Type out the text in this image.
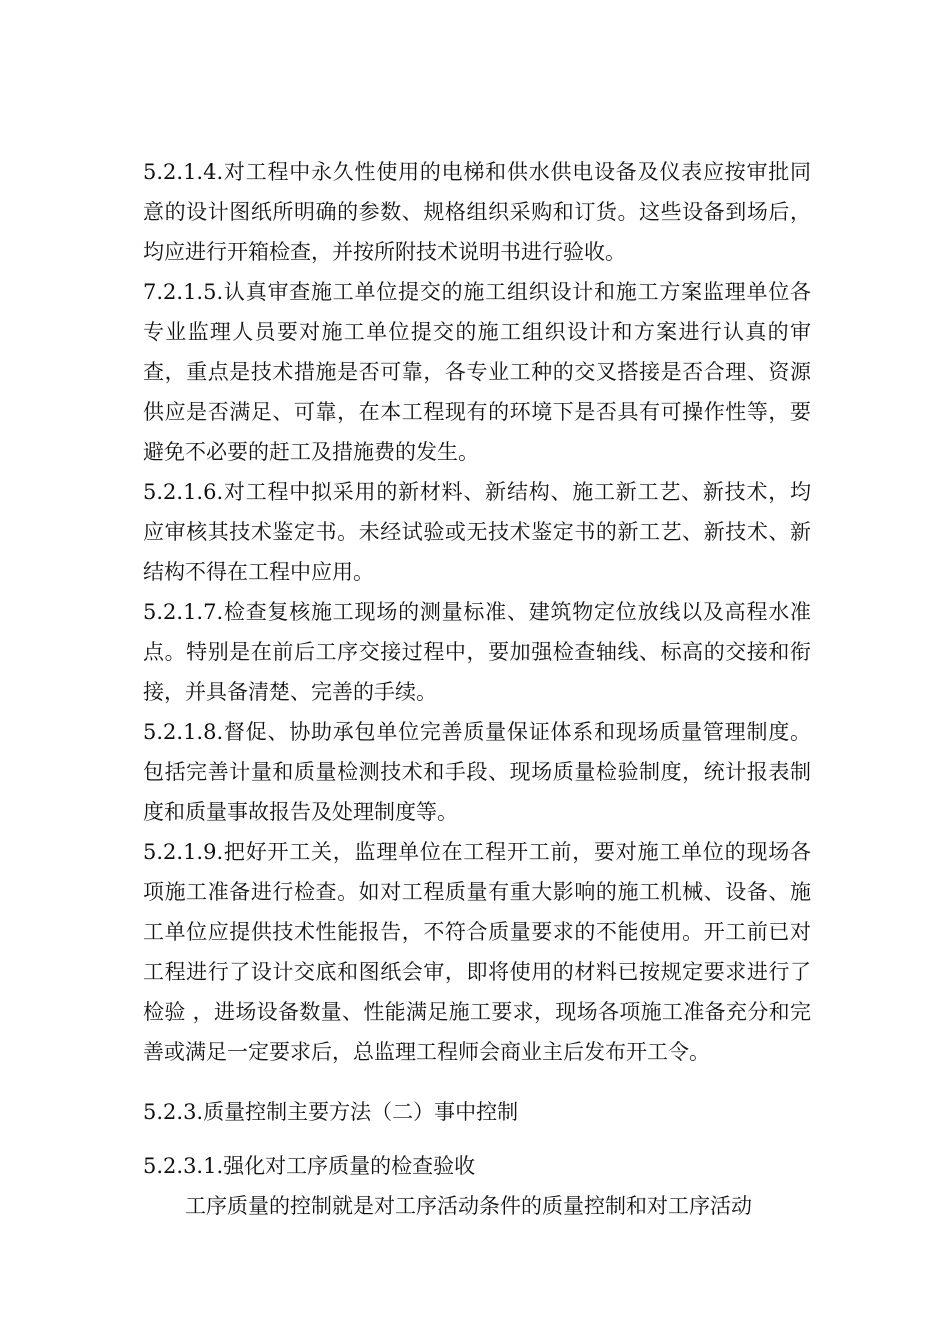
5.2.1.4.对工程中永久性使用的电梯和供水供电设备及仪表应按审批同意的设计图纸所明确的参数、规格组织采购和订货。这些设备到场后，均应进行开箱检查，并按所附技术说明书进行验收。

7.2.1.5.认真审查施工单位提交的施工组织设计和施工方案监理单位各专业监理人员要对施工单位提交的施工组织设计和方案进行认真的审查，重点是技术措施是否可靠，各专业工种的交叉搭接是否合理、资源供应是否满足、可靠，在本工程现有的环境下是否具有可操作性等，要避免不必要的赶工及措施费的发生。

5.2.1.6.对工程中拟采用的新材料、新结构、施工新工艺、新技术，均应审核其技术鉴定书。未经试验或无技术鉴定书的新工艺、新技术、新结构不得在工程中应用。

5.2.1.7.检查复核施工现场的测量标准、建筑物定位放线以及高程水准点。特别是在前后工序交接过程中，要加强检查轴线、标高的交接和衔接，并具备清楚、完善的手续。

5.2.1.8.督促、协助承包单位完善质量保证体系和现场质量管理制度。包括完善计量和质量检测技术和手段、现场质量检验制度，统计报表制度和质量事故报告及处理制度等。

5.2.1.9.把好开工关，监理单位在工程开工前，要对施工单位的现场各项施工准备进行检查。如对工程质量有重大影响的施工机械、设备、施工单位应提供技术性能报告，不符合质量要求的不能使用。开工前已对工程进行了设计交底和图纸会审，即将使用的材料已按规定要求进行了检验 ，进场设备数量、性能满足施工要求，现场各项施工准备充分和完善或满足一定要求后，总监理工程师会商业主后发布开工令。

5.2.3.质量控制主要方法（二）事中控制

5.2.3.1.强化对工序质量的检查验收

工序质量的控制就是对工序活动条件的质量控制和对工序活动
